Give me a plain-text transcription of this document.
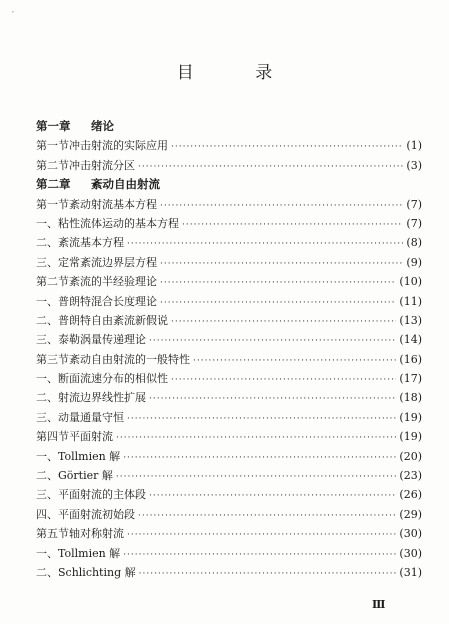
′
目 录
第一章	绪论
第一节 冲击射流的实际应用 ·····	(1)
第二节 冲击射流分区 ·····	(3)
第二章	紊动自由射流
第一节 紊动射流基本方程 ·····	(7)
一、粘性流体运动的基本方程 ·····	(7)
二、紊流基本方程 ·····	(8)
三、定常紊流边界层方程 ·····	(9)
第二节 紊流的半经验理论 ·····	(10)
一、普朗特混合长度理论 ·····	(11)
二、普朗特自由紊流新假说 ·····	(13)
三、泰勒涡量传递理论 ·····	(14)
第三节 紊动自由射流的一般特性 ·····	(16)
一、断面流速分布的相似性 ·····	(17)
二、射流边界线性扩展 ·····	(18)
三、动量通量守恒 ·····	(19)
第四节 平面射流 ·····	(19)
一、Tollmien 解 ·····	(20)
二、Görtier 解 ·····	(23)
三、平面射流的主体段 ·····	(26)
四、平面射流初始段 ·····	(29)
第五节 轴对称射流 ·····	(30)
一、Tollmien 解 ·····	(30)
二、Schlichting 解 ·····	(31)
Ⅲ
